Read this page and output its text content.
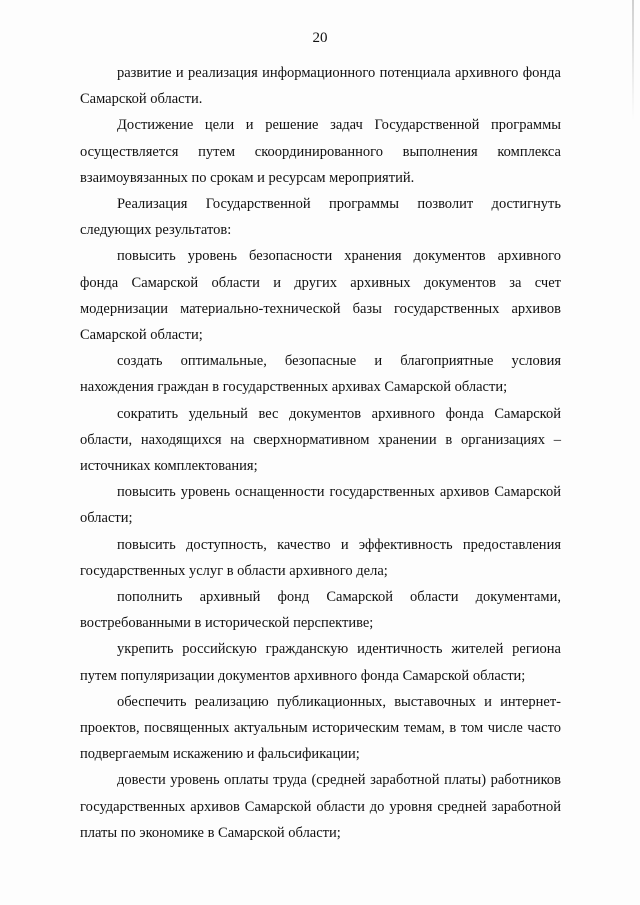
20

развитие и реализация информационного потенциала архивного фонда Самарской области.

Достижение цели и решение задач Государственной программы осуществляется путем скоординированного выполнения комплекса взаимоувязанных по срокам и ресурсам мероприятий.

Реализация Государственной программы позволит достигнуть следующих результатов:

повысить уровень безопасности хранения документов архивного фонда Самарской области и других архивных документов за счет модернизации материально-технической базы государственных архивов Самарской области;

создать оптимальные, безопасные и благоприятные условия нахождения граждан в государственных архивах Самарской области;

сократить удельный вес документов архивного фонда Самарской области, находящихся на сверхнормативном хранении в организациях – источниках комплектования;

повысить уровень оснащенности государственных архивов Самарской области;

повысить доступность, качество и эффективность предоставления государственных услуг в области архивного дела;

пополнить архивный фонд Самарской области документами, востребованными в исторической перспективе;

укрепить российскую гражданскую идентичность жителей региона путем популяризации документов архивного фонда Самарской области;

обеспечить реализацию публикационных, выставочных и интернет-проектов, посвященных актуальным историческим темам, в том числе часто подвергаемым искажению и фальсификации;

довести уровень оплаты труда (средней заработной платы) работников государственных архивов Самарской области до уровня средней заработной платы по экономике в Самарской области;
